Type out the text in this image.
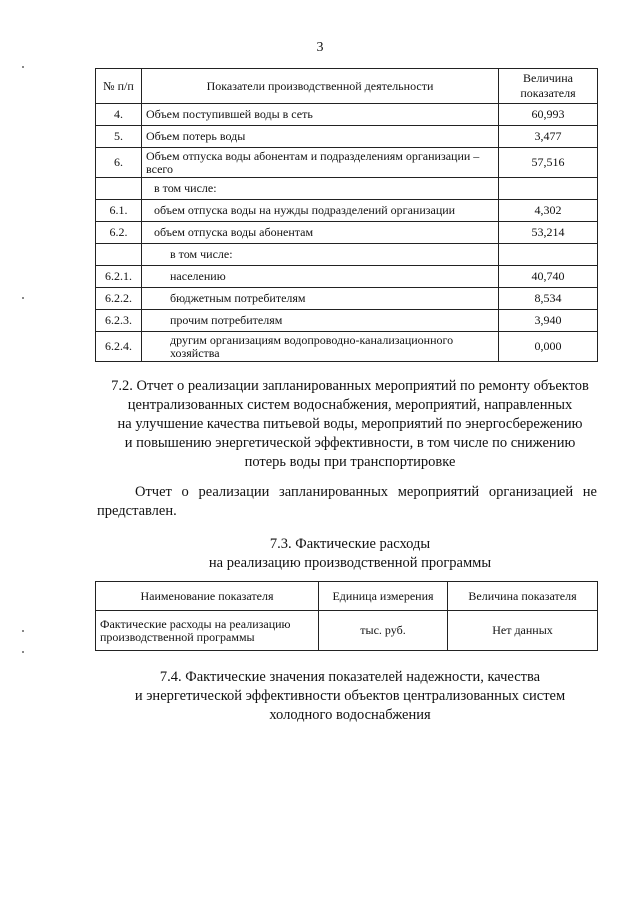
3
№ п/п	Показатели производственной деятельности	Величина
показателя
4.	Объем поступившей воды в сеть	60,993
5.	Объем потерь воды	3,477
6.	Объем отпуска воды абонентам и подразделениям организации – всего	57,516
	в том числе:	
6.1.	объем отпуска воды на нужды подразделений организации	4,302
6.2.	объем отпуска воды абонентам	53,214
	в том числе:	
6.2.1.	населению	40,740
6.2.2.	бюджетным потребителям	8,534
6.2.3.	прочим потребителям	3,940
6.2.4.	другим организациям водопроводно-канализационного хозяйства	0,000
7.2. Отчет о реализации запланированных мероприятий по ремонту объектов
централизованных систем водоснабжения, мероприятий, направленных
на улучшение качества питьевой воды, мероприятий по энергосбережению
и повышению энергетической эффективности, в том числе по снижению
потерь воды при транспортировке
Отчет о реализации запланированных мероприятий организацией не представлен.
7.3. Фактические расходы
на реализацию производственной программы
Наименование показателя	Единица измерения	Величина показателя
Фактические расходы на реализацию производственной программы	тыс. руб.	Нет данных
7.4. Фактические значения показателей надежности, качества
и энергетической эффективности объектов централизованных систем
холодного водоснабжения
